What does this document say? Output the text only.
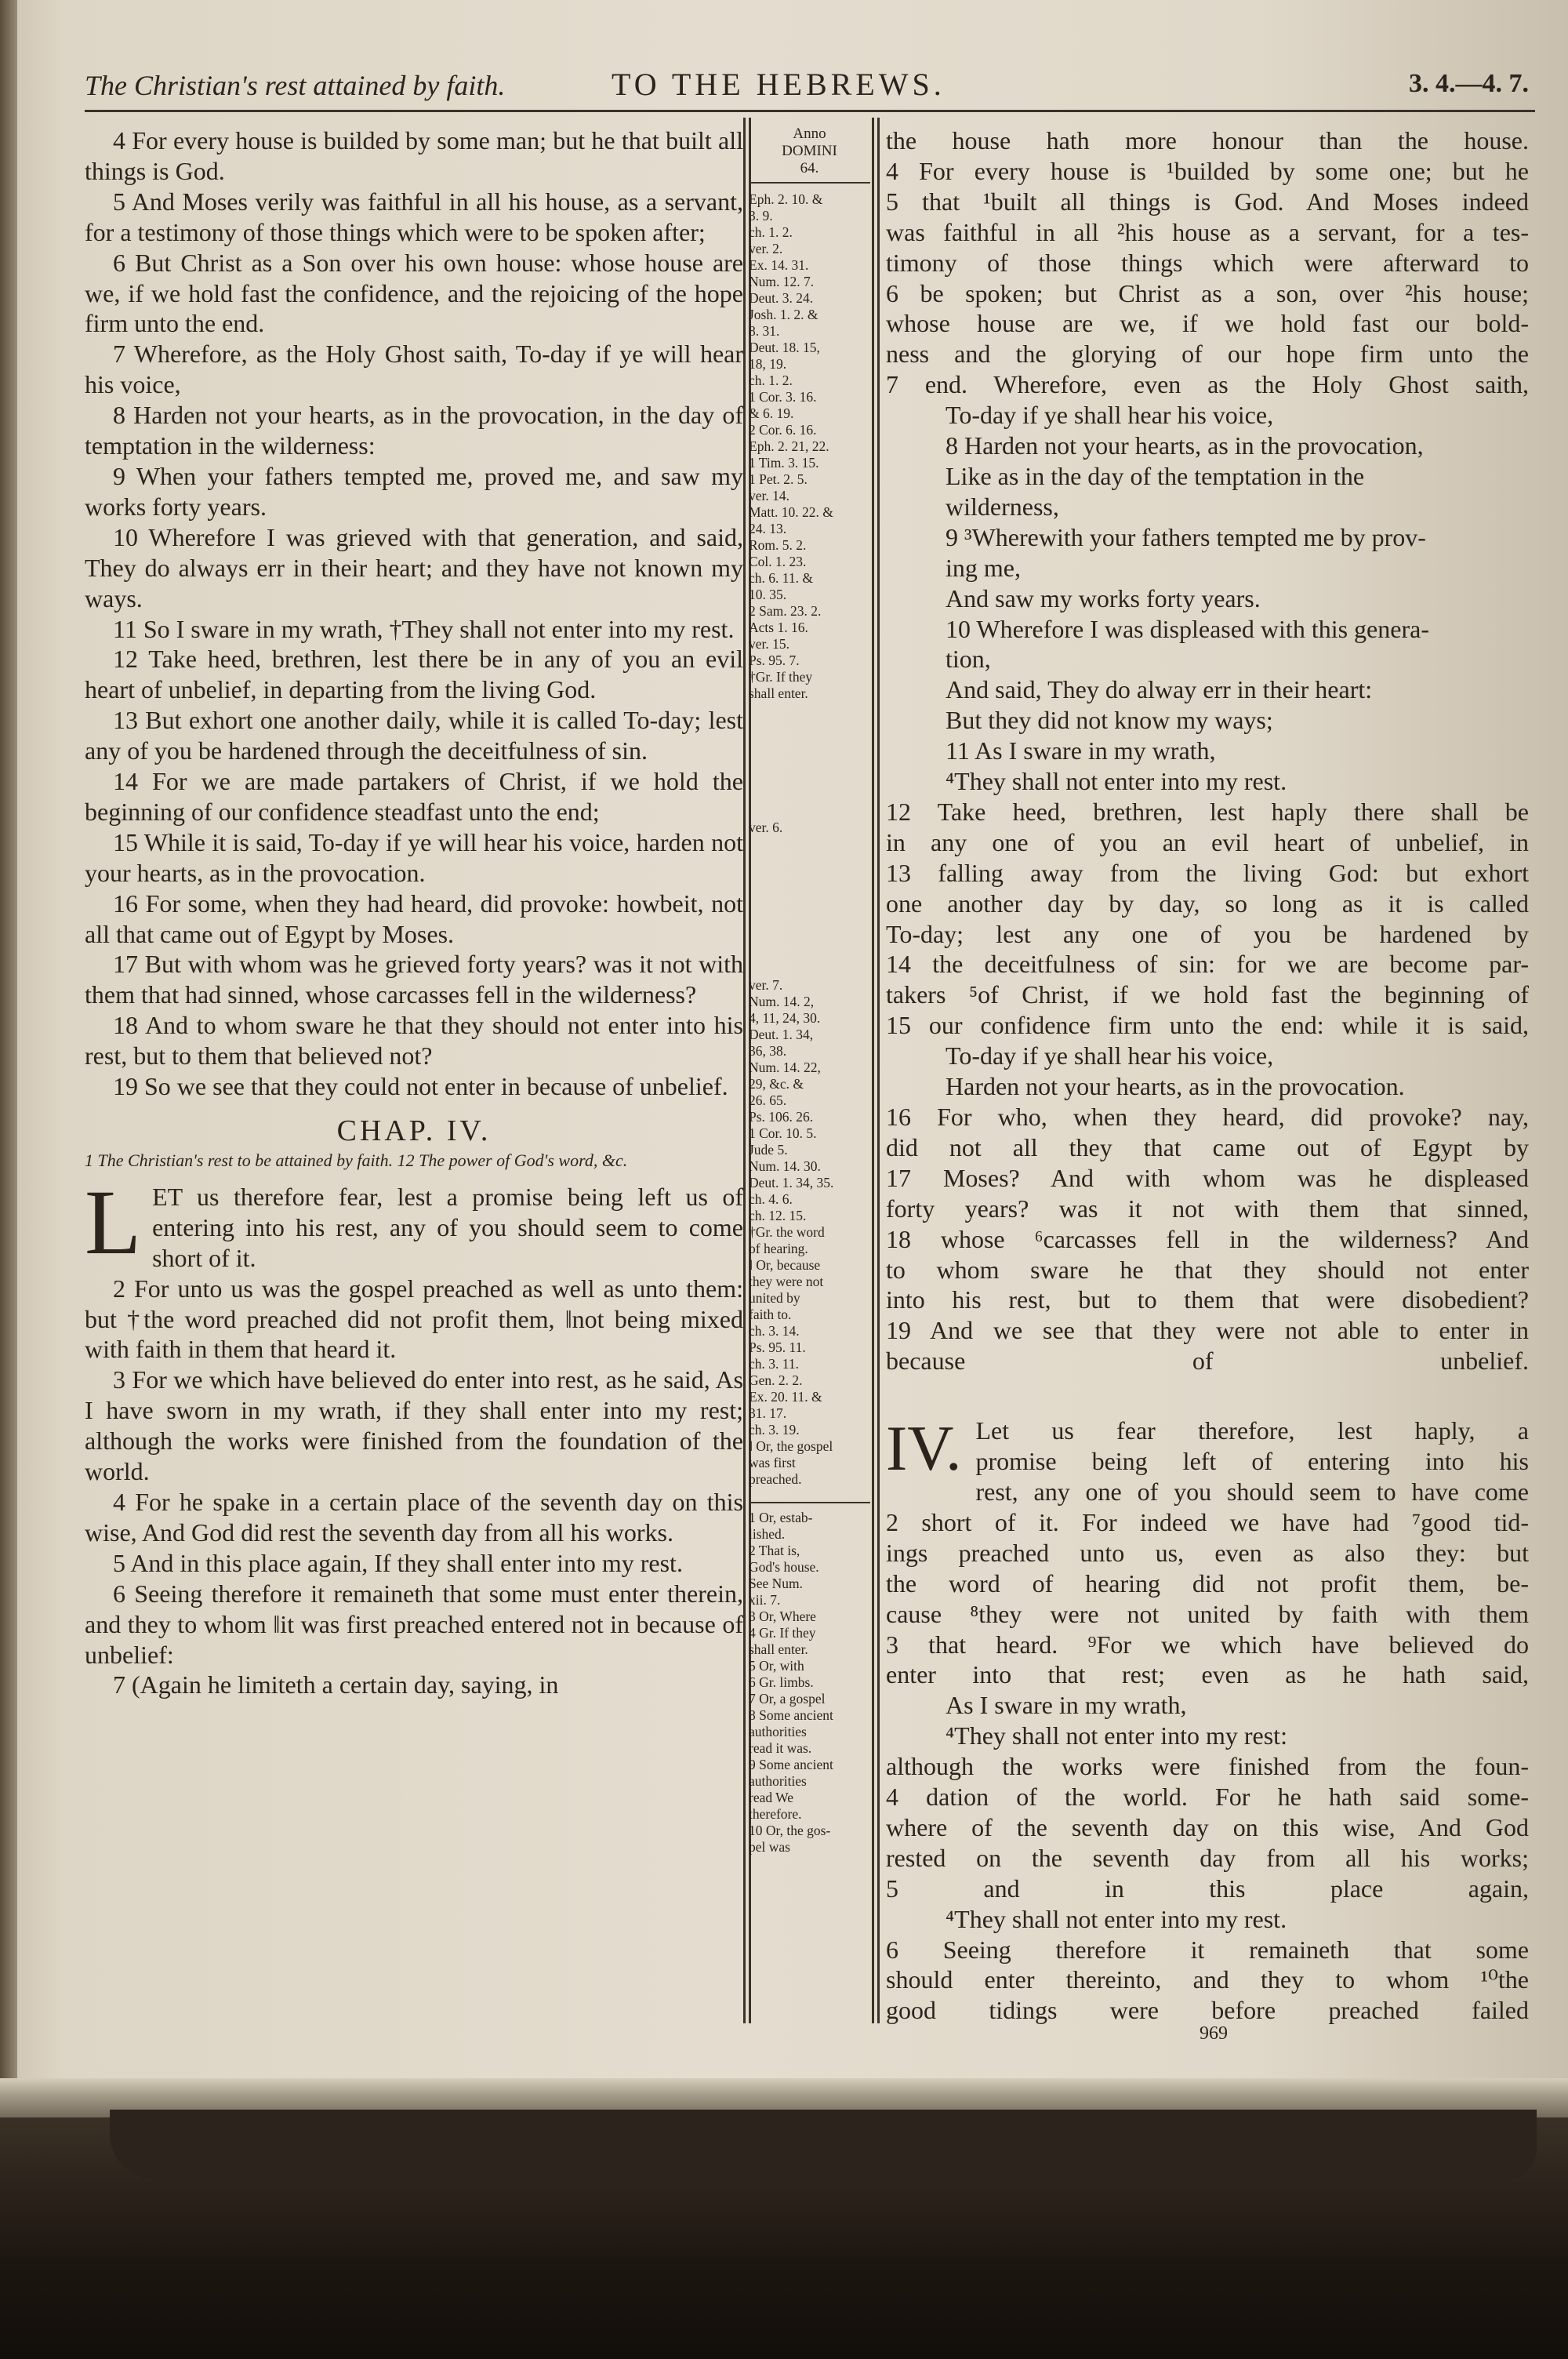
The Christian's rest attained by faith.	TO THE HEBREWS.	3. 4.—4. 7.

4 For every house is builded by some man; but he that built all things is God.

5 And Moses verily was faithful in all his house, as a servant, for a testimony of those things which were to be spoken after;

6 But Christ as a Son over his own house: whose house are we, if we hold fast the confidence, and the rejoicing of the hope firm unto the end.

7 Wherefore, as the Holy Ghost saith, To-day if ye will hear his voice,

8 Harden not your hearts, as in the provocation, in the day of temptation in the wilderness:

9 When your fathers tempted me, proved me, and saw my works forty years.

10 Wherefore I was grieved with that generation, and said, They do always err in their heart; and they have not known my ways.

11 So I sware in my wrath, †They shall not enter into my rest.

12 Take heed, brethren, lest there be in any of you an evil heart of unbelief, in departing from the living God.

13 But exhort one another daily, while it is called To-day; lest any of you be hardened through the deceitfulness of sin.

14 For we are made partakers of Christ, if we hold the beginning of our confidence steadfast unto the end;

15 While it is said, To-day if ye will hear his voice, harden not your hearts, as in the provocation.

16 For some, when they had heard, did provoke: howbeit, not all that came out of Egypt by Moses.

17 But with whom was he grieved forty years? was it not with them that had sinned, whose carcasses fell in the wilderness?

18 And to whom sware he that they should not enter into his rest, but to them that believed not?

19 So we see that they could not enter in because of unbelief.

CHAP. IV.

1 The Christian's rest to be attained by faith. 12 The power of God's word, &c.

L ET us therefore fear, lest a promise being left us of entering into his rest, any of you should seem to come short of it.

2 For unto us was the gospel preached as well as unto them: but †the word preached did not profit them, ‖not being mixed with faith in them that heard it.

3 For we which have believed do enter into rest, as he said, As I have sworn in my wrath, if they shall enter into my rest; although the works were finished from the foundation of the world.

4 For he spake in a certain place of the seventh day on this wise, And God did rest the seventh day from all his works.

5 And in this place again, If they shall enter into my rest.

6 Seeing therefore it remaineth that some must enter therein, and they to whom ‖it was first preached entered not in because of unbelief:

7 (Again he limiteth a certain day, saying, in

Anno
DOMINI
64.
Eph. 2. 10. &
3. 9.
ch. 1. 2.
ver. 2.
Ex. 14. 31.
Num. 12. 7.
Deut. 3. 24.
Josh. 1. 2. &
8. 31.
Deut. 18. 15,
18, 19.
ch. 1. 2.
1 Cor. 3. 16.
& 6. 19.
2 Cor. 6. 16.
Eph. 2. 21, 22.
1 Tim. 3. 15.
1 Pet. 2. 5.
ver. 14.
Matt. 10. 22. &
24. 13.
Rom. 5. 2.
Col. 1. 23.
ch. 6. 11. &
10. 35.
2 Sam. 23. 2.
Acts 1. 16.
ver. 15.
Ps. 95. 7.
†Gr. If they
shall enter.
ver. 6.
ver. 7.
Num. 14. 2,
4, 11, 24, 30.
Deut. 1. 34,
36, 38.
Num. 14. 22,
29, &c. &
26. 65.
Ps. 106. 26.
1 Cor. 10. 5.
Jude 5.
Num. 14. 30.
Deut. 1. 34, 35.
ch. 4. 6.
ch. 12. 15.
†Gr. the word
of hearing.
‖ Or, because
they were not
united by
faith to.
ch. 3. 14.
Ps. 95. 11.
ch. 3. 11.
Gen. 2. 2.
Ex. 20. 11. &
31. 17.
ch. 3. 19.
‖ Or, the gospel
was first
preached.
1 Or, estab-
lished.
2 That is,
God's house.
See Num.
xii. 7.
3 Or, Where
4 Gr. If they
shall enter.
5 Or, with
6 Gr. limbs.
7 Or, a gospel
8 Some ancient
authorities
read it was.
9 Some ancient
authorities
read We
therefore.
10 Or, the gos-
pel was
the house hath more honour than the house.
4 For every house is ¹builded by some one; but he
5 that ¹built all things is God. And Moses indeed
was faithful in all ²his house as a servant, for a tes-
timony of those things which were afterward to
6 be spoken; but Christ as a son, over ²his house;
whose house are we, if we hold fast our bold-
ness and the glorying of our hope firm unto the
7 end. Wherefore, even as the Holy Ghost saith,
To-day if ye shall hear his voice,
8 Harden not your hearts, as in the provocation,
Like as in the day of the temptation in the
wilderness,
9 ³Wherewith your fathers tempted me by prov-
ing me,
And saw my works forty years.
10 Wherefore I was displeased with this genera-
tion,
And said, They do alway err in their heart:
But they did not know my ways;
11 As I sware in my wrath,
⁴They shall not enter into my rest.
12 Take heed, brethren, lest haply there shall be
in any one of you an evil heart of unbelief, in
13 falling away from the living God: but exhort
one another day by day, so long as it is called
To-day; lest any one of you be hardened by
14 the deceitfulness of sin: for we are become par-
takers ⁵of Christ, if we hold fast the beginning of
15 our confidence firm unto the end: while it is said,
To-day if ye shall hear his voice,
Harden not your hearts, as in the provocation.
16 For who, when they heard, did provoke? nay,
did not all they that came out of Egypt by
17 Moses? And with whom was he displeased
forty years? was it not with them that sinned,
18 whose ⁶carcasses fell in the wilderness? And
to whom sware he that they should not enter
into his rest, but to them that were disobedient?
19 And we see that they were not able to enter in
because of unbelief.
IV. Let us fear therefore, lest haply, a
promise being left of entering into his
rest, any one of you should seem to have come
2 short of it. For indeed we have had ⁷good tid-
ings preached unto us, even as also they: but
the word of hearing did not profit them, be-
cause ⁸they were not united by faith with them
3 that heard. ⁹For we which have believed do
enter into that rest; even as he hath said,
As I sware in my wrath,
⁴They shall not enter into my rest:
although the works were finished from the foun-
4 dation of the world. For he hath said some-
where of the seventh day on this wise, And God
rested on the seventh day from all his works;
5 and in this place again,
⁴They shall not enter into my rest.
6 Seeing therefore it remaineth that some
should enter thereinto, and they to whom ¹⁰the
good tidings were before preached failed
969
